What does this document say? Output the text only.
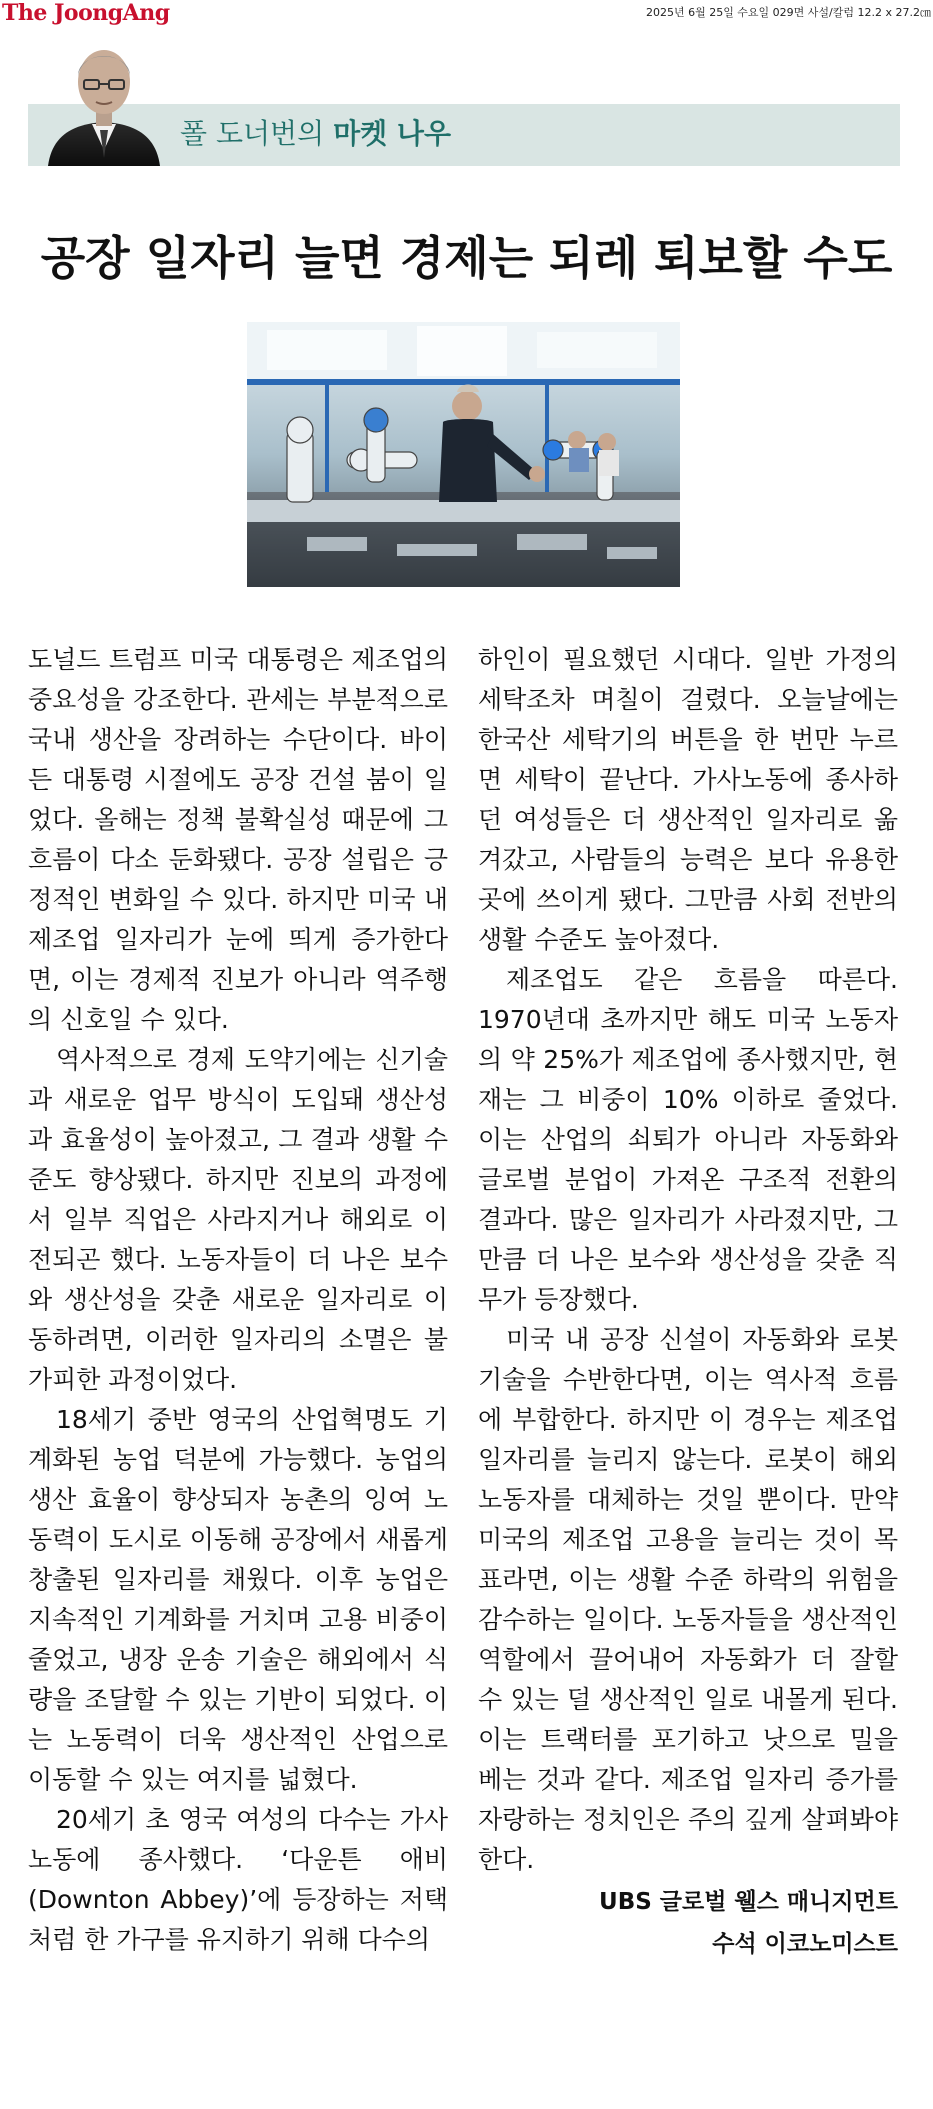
The JoongAng	2025년 6월 25일 수요일 029면 사설/칼럼 12.2 x 27.2㎝
폴 도너번의 마켓 나우
공장 일자리 늘면 경제는 되레 퇴보할 수도

도널드 트럼프 미국 대통령은 제조업의 중요성을 강조한다. 관세는 부분적으로 국내 생산을 장려하는 수단이다. 바이든 대통령 시절에도 공장 건설 붐이 일었다. 올해는 정책 불확실성 때문에 그 흐름이 다소 둔화됐다. 공장 설립은 긍정적인 변화일 수 있다. 하지만 미국 내 제조업 일자리가 눈에 띄게 증가한다면, 이는 경제적 진보가 아니라 역주행의 신호일 수 있다.

역사적으로 경제 도약기에는 신기술과 새로운 업무 방식이 도입돼 생산성과 효율성이 높아졌고, 그 결과 생활 수준도 향상됐다. 하지만 진보의 과정에서 일부 직업은 사라지거나 해외로 이전되곤 했다. 노동자들이 더 나은 보수와 생산성을 갖춘 새로운 일자리로 이동하려면, 이러한 일자리의 소멸은 불가피한 과정이었다.

18세기 중반 영국의 산업혁명도 기계화된 농업 덕분에 가능했다. 농업의 생산 효율이 향상되자 농촌의 잉여 노동력이 도시로 이동해 공장에서 새롭게 창출된 일자리를 채웠다. 이후 농업은 지속적인 기계화를 거치며 고용 비중이 줄었고, 냉장 운송 기술은 해외에서 식량을 조달할 수 있는 기반이 되었다. 이는 노동력이 더욱 생산적인 산업으로 이동할 수 있는 여지를 넓혔다.

20세기 초 영국 여성의 다수는 가사노동에 종사했다. ‘다운튼 애비(Downton Abbey)’에 등장하는 저택처럼 한 가구를 유지하기 위해 다수의

하인이 필요했던 시대다. 일반 가정의 세탁조차 며칠이 걸렸다. 오늘날에는 한국산 세탁기의 버튼을 한 번만 누르면 세탁이 끝난다. 가사노동에 종사하던 여성들은 더 생산적인 일자리로 옮겨갔고, 사람들의 능력은 보다 유용한 곳에 쓰이게 됐다. 그만큼 사회 전반의 생활 수준도 높아졌다.

제조업도 같은 흐름을 따른다. 1970년대 초까지만 해도 미국 노동자의 약 25%가 제조업에 종사했지만, 현재는 그 비중이 10% 이하로 줄었다. 이는 산업의 쇠퇴가 아니라 자동화와 글로벌 분업이 가져온 구조적 전환의 결과다. 많은 일자리가 사라졌지만, 그만큼 더 나은 보수와 생산성을 갖춘 직무가 등장했다.

미국 내 공장 신설이 자동화와 로봇 기술을 수반한다면, 이는 역사적 흐름에 부합한다. 하지만 이 경우는 제조업 일자리를 늘리지 않는다. 로봇이 해외 노동자를 대체하는 것일 뿐이다. 만약 미국의 제조업 고용을 늘리는 것이 목표라면, 이는 생활 수준 하락의 위험을 감수하는 일이다. 노동자들을 생산적인 역할에서 끌어내어 자동화가 더 잘할 수 있는 덜 생산적인 일로 내몰게 된다. 이는 트랙터를 포기하고 낫으로 밀을 베는 것과 같다. 제조업 일자리 증가를 자랑하는 정치인은 주의 깊게 살펴봐야 한다.

UBS 글로벌 웰스 매니지먼트
수석 이코노미스트
